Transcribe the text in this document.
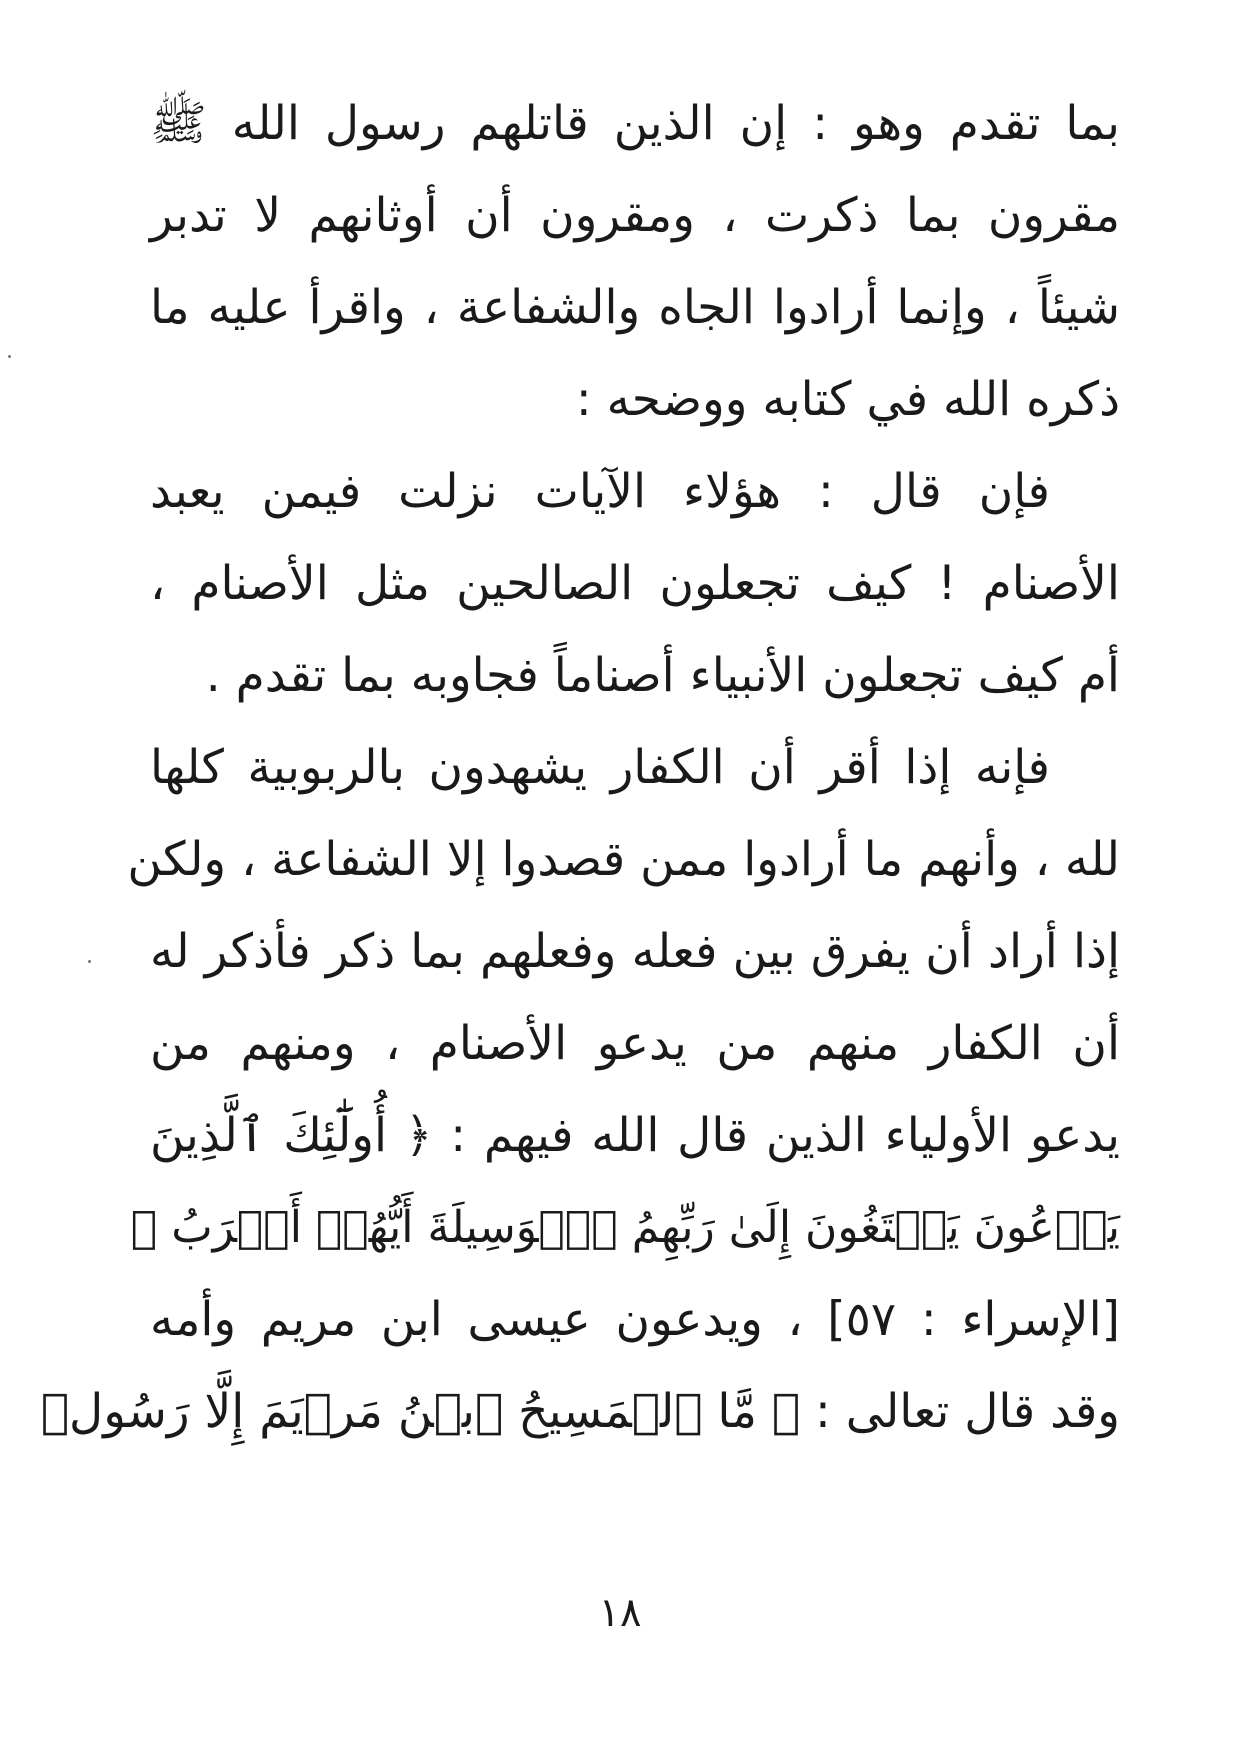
بما تقدم وهو : إن الذين قاتلهم رسول الله ﷺ
مقرون بما ذكرت ، ومقرون أن أوثانهم لا تدبر
شيئاً ، وإنما أرادوا الجاه والشفاعة ، واقرأ عليه ما
ذكره الله في كتابه ووضحه :
فإن قال : هؤلاء الآيات نزلت فيمن يعبد
الأصنام ! كيف تجعلون الصالحين مثل الأصنام ،
أم كيف تجعلون الأنبياء أصناماً فجاوبه بما تقدم .
فإنه إذا أقر أن الكفار يشهدون بالربوبية كلها
لله ، وأنهم ما أرادوا ممن قصدوا إلا الشفاعة ، ولكن
إذا أراد أن يفرق بين فعله وفعلهم بما ذكر فأذكر له
أن الكفار منهم من يدعو الأصنام ، ومنهم من
يدعو الأولياء الذين قال الله فيهم : ﴿ أُولَٰٓئِكَ ٱلَّذِينَ
يَدۡعُونَ يَبۡتَغُونَ إِلَىٰ رَبِّهِمُ ٱلۡوَسِيلَةَ أَيُّهُمۡ أَقۡرَبُ ﴾
[الإسراء : ٥٧] ، ويدعون عيسى ابن مريم وأمه
وقد قال تعالى : ﴿ مَّا ٱلۡمَسِيحُ ٱبۡنُ مَرۡيَمَ إِلَّا رَسُولٞ
١٨
